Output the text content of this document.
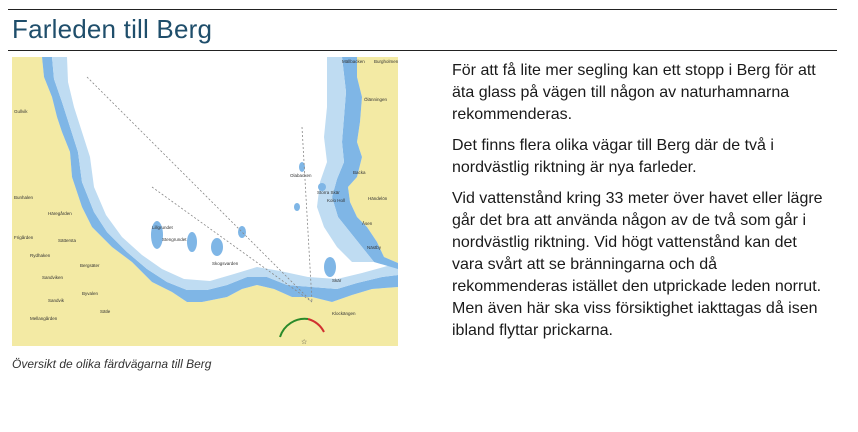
Farleden till Berg
☆
Mällbacken Burgholmen
Ölänningen
Gullvik
Bunhalen
Häregården
Frigården
Sättersta
Rydhaken
Bergsäter
Sandviken
Sandvik
Byvalen
Mellangården
Sätle
Lillgrundet
Stengrundet
Skogsvarden
Olabacken
Kolo Holl
Backa
Storra Skär
Händelön
Skär
Åsen
Nästby
Klockängen
Översikt de olika färdvägarna till Berg

För att få lite mer segling kan ett stopp i Berg för att äta glass på vägen till någon av naturhamnarna rekommenderas.

Det finns flera olika vägar till Berg där de två i nordvästlig riktning är nya farleder.

Vid vattenstånd kring 33 meter över havet eller lägre går det bra att använda någon av de två som går i nordvästlig riktning. Vid högt vattenstånd kan det vara svårt att se bränningarna och då rekommenderas istället den utprickade leden norrut. Men även här ska viss försiktighet iakttagas då isen ibland flyttar prickarna.
